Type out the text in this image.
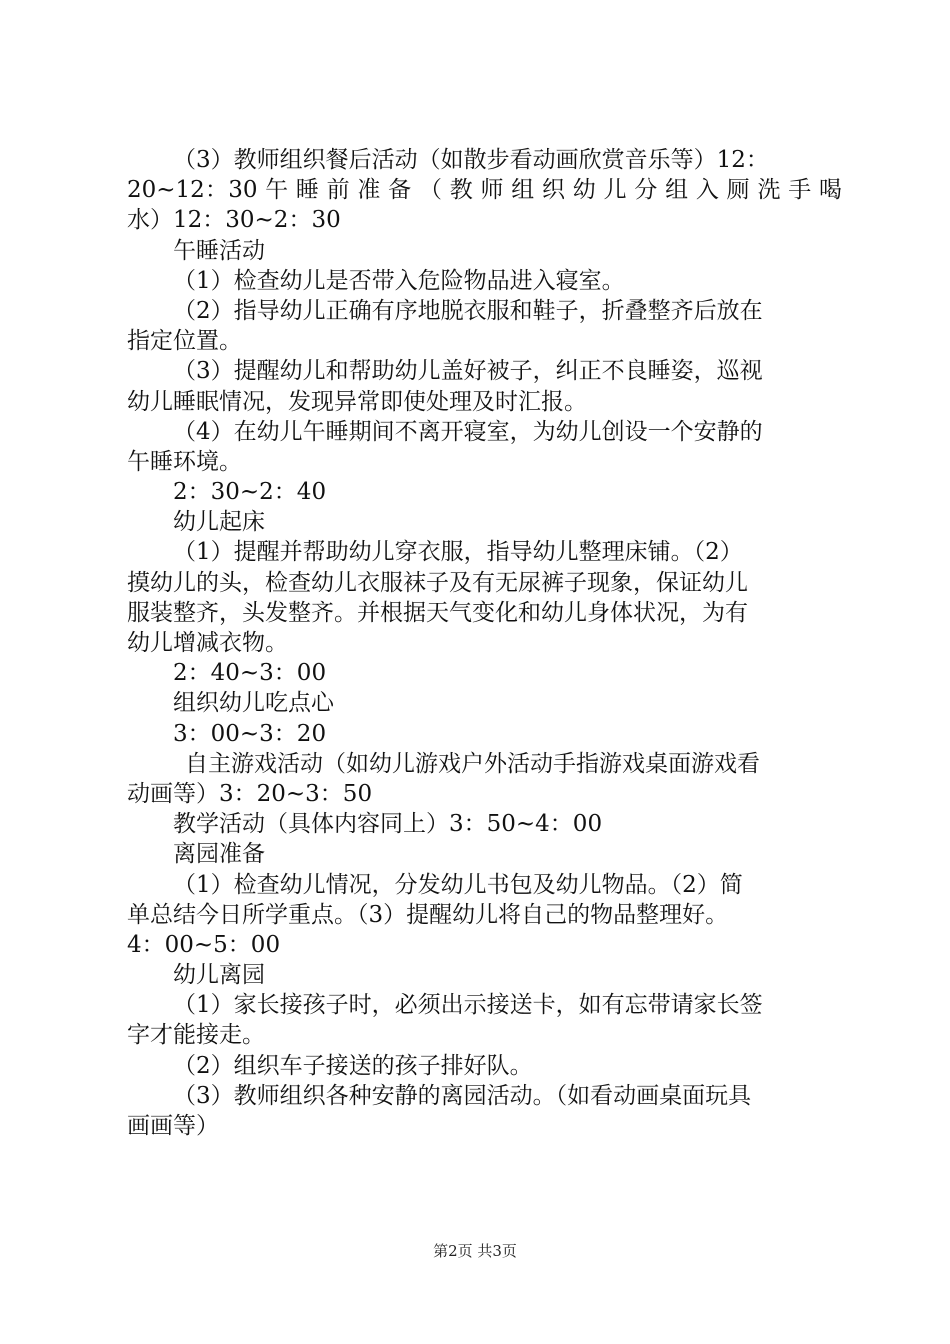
（3）教师组织餐后活动（如散步看动画欣赏音乐等）12：
20~12：30 午 睡 前 准 备 （ 教 师 组 织 幼 儿 分 组 入 厕 洗 手 喝
水）12：30~2：30
午睡活动
（1）检查幼儿是否带入危险物品进入寝室。
（2）指导幼儿正确有序地脱衣服和鞋子，折叠整齐后放在
指定位置。
（3）提醒幼儿和帮助幼儿盖好被子，纠正不良睡姿，巡视
幼儿睡眠情况，发现异常即使处理及时汇报。
（4）在幼儿午睡期间不离开寝室，为幼儿创设一个安静的
午睡环境。
2：30~2：40
幼儿起床
（1）提醒并帮助幼儿穿衣服，指导幼儿整理床铺。（2）
摸幼儿的头，检查幼儿衣服袜子及有无尿裤子现象，保证幼儿
服装整齐，头发整齐。并根据天气变化和幼儿身体状况，为有
幼儿增减衣物。
2：40~3：00
组织幼儿吃点心
3：00~3：20
自主游戏活动（如幼儿游戏户外活动手指游戏桌面游戏看
动画等）3：20~3：50
教学活动（具体内容同上）3：50~4：00
离园准备
（1）检查幼儿情况，分发幼儿书包及幼儿物品。（2）简
单总结今日所学重点。（3）提醒幼儿将自己的物品整理好。
4：00~5：00
幼儿离园
（1）家长接孩子时，必须出示接送卡，如有忘带请家长签
字才能接走。
（2）组织车子接送的孩子排好队。
（3）教师组织各种安静的离园活动。（如看动画桌面玩具
画画等）
第2页 共3页
